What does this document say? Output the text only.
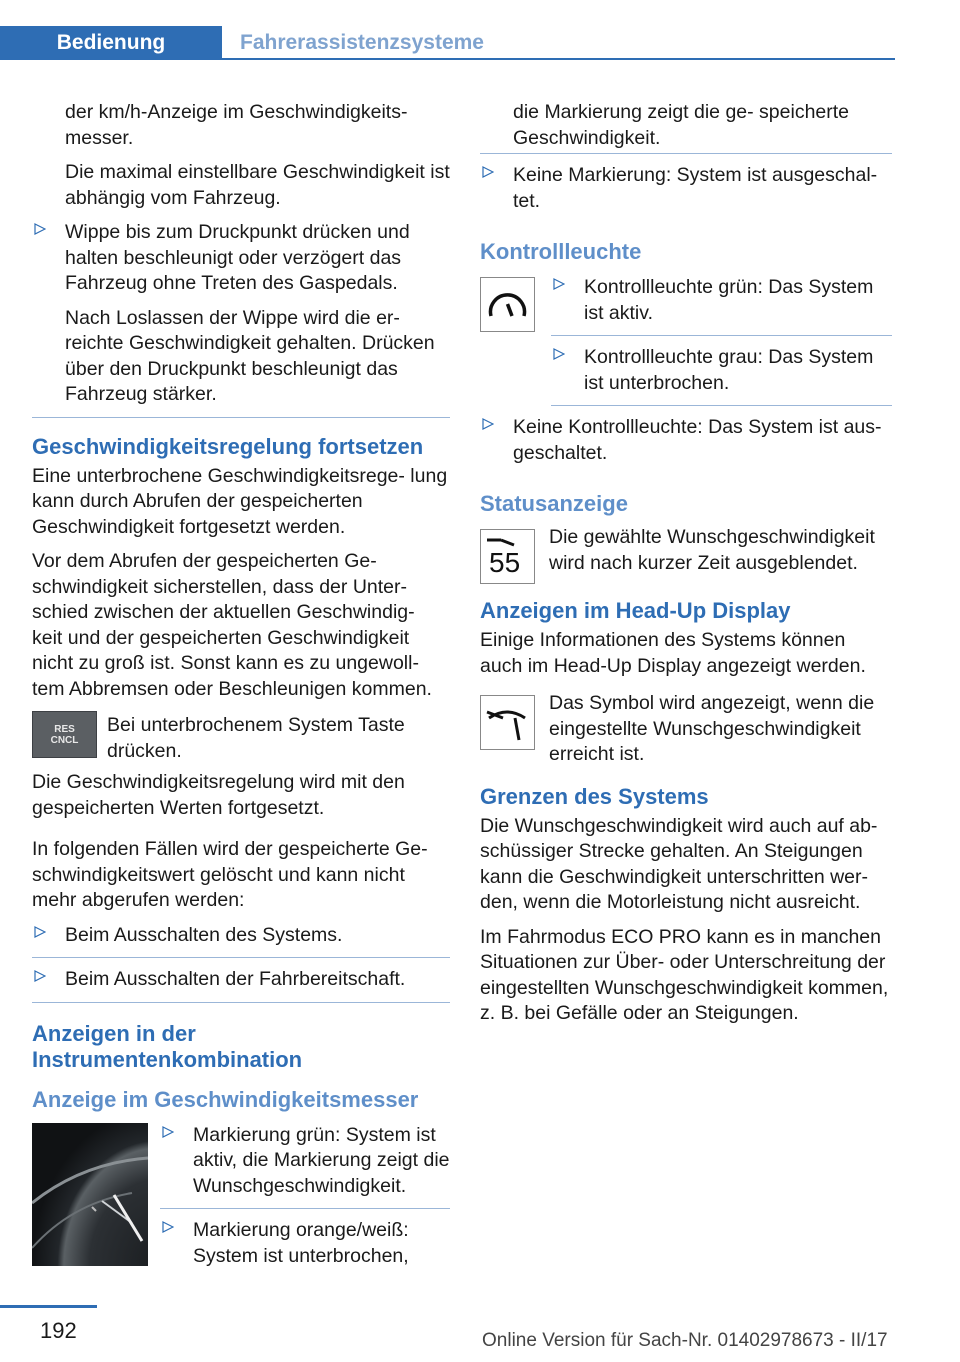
Bedienung	Fahrerassistenzsysteme

der km/h-Anzeige im Geschwindigkeits‐ messer.

Die maximal einstellbare Geschwindigkeit ist abhängig vom Fahrzeug.

Wippe bis zum Druckpunkt drücken und halten beschleunigt oder verzögert das Fahrzeug ohne Treten des Gaspedals.

Nach Loslassen der Wippe wird die er‐ reichte Geschwindigkeit gehalten. Drücken über den Druckpunkt beschleunigt das Fahrzeug stärker.

Geschwindigkeitsregelung fortsetzen

Eine unterbrochene Geschwindigkeitsrege‐ lung kann durch Abrufen der gespeicherten Geschwindigkeit fortgesetzt werden.

Vor dem Abrufen der gespeicherten Ge‐ schwindigkeit sicherstellen, dass der Unter‐ schied zwischen der aktuellen Geschwindig‐ keit und der gespeicherten Geschwindigkeit nicht zu groß ist. Sonst kann es zu ungewoll‐ tem Abbremsen oder Beschleunigen kommen.

RES
CNCL

Bei unterbrochenem System Taste drücken.

Die Geschwindigkeitsregelung wird mit den gespeicherten Werten fortgesetzt.

In folgenden Fällen wird der gespeicherte Ge‐ schwindigkeitswert gelöscht und kann nicht mehr abgerufen werden:

Beim Ausschalten des Systems.

Beim Ausschalten der Fahrbereitschaft.

Anzeigen in der Instrumentenkombination
Anzeige im Geschwindigkeitsmesser

Markierung grün: System ist aktiv, die Markierung zeigt die Wunschgeschwindigkeit.

Markierung orange/weiß: System ist unterbrochen,

die Markierung zeigt die ge‐ speicherte Geschwindigkeit.

Keine Markierung: System ist ausgeschal‐ tet.

Kontrollleuchte

Kontrollleuchte grün: Das System ist aktiv.

Kontrollleuchte grau: Das System ist unterbrochen.

Keine Kontrollleuchte: Das System ist aus‐ geschaltet.

Statusanzeige
55

Die gewählte Wunschgeschwindigkeit wird nach kurzer Zeit ausgeblendet.

Anzeigen im Head-Up Display

Einige Informationen des Systems können auch im Head-Up Display angezeigt werden.

Das Symbol wird angezeigt, wenn die eingestellte Wunschgeschwindigkeit erreicht ist.

Grenzen des Systems

Die Wunschgeschwindigkeit wird auch auf ab‐ schüssiger Strecke gehalten. An Steigungen kann die Geschwindigkeit unterschritten wer‐ den, wenn die Motorleistung nicht ausreicht.

Im Fahrmodus ECO PRO kann es in manchen Situationen zur Über- oder Unterschreitung der eingestellten Wunschgeschwindigkeit kommen, z. B. bei Gefälle oder an Steigungen.

192	Online Version für Sach-Nr. 01402978673 - II/17
